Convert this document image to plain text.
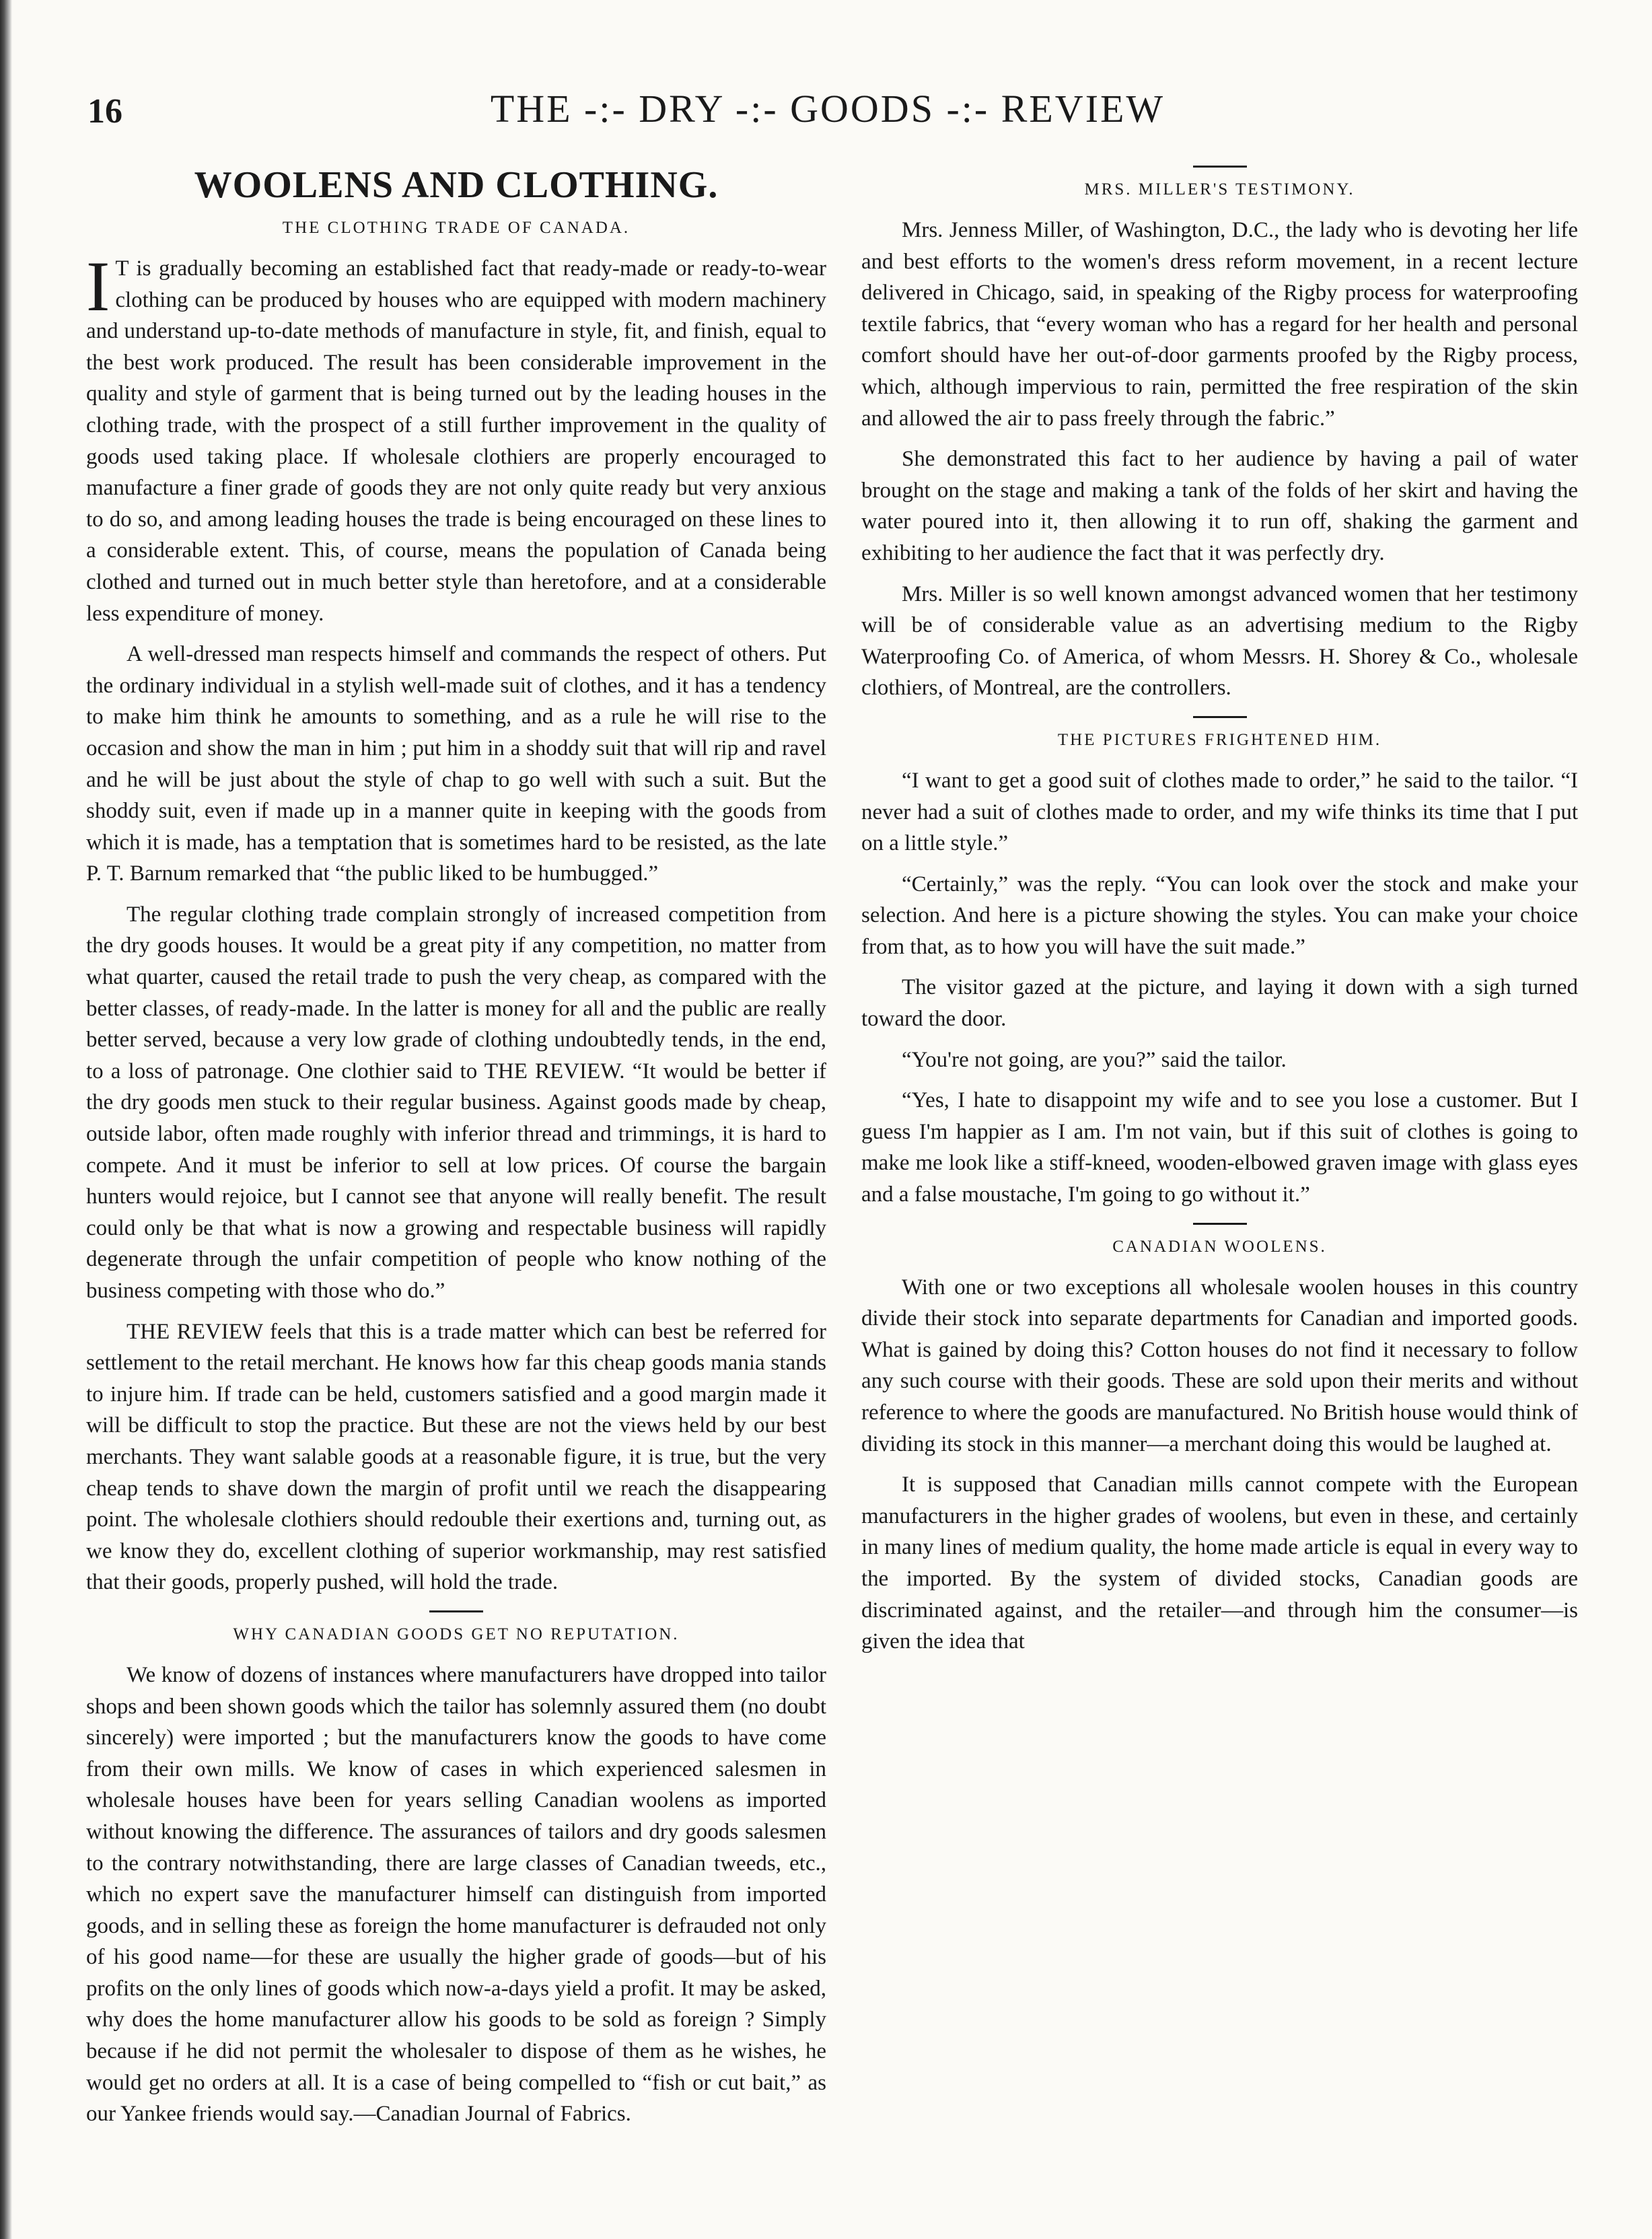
16	THE -:- DRY -:- GOODS -:- REVIEW
WOOLENS AND CLOTHING.
THE CLOTHING TRADE OF CANADA.

I T is gradually becoming an established fact that ready-made or ready-to-wear clothing can be produced by houses who are equipped with modern machinery and understand up-to-date methods of manufacture in style, fit, and finish, equal to the best work produced. The result has been considerable improvement in the quality and style of garment that is being turned out by the leading houses in the clothing trade, with the prospect of a still further improvement in the quality of goods used taking place. If wholesale clothiers are properly encouraged to manufacture a finer grade of goods they are not only quite ready but very anxious to do so, and among leading houses the trade is being encouraged on these lines to a considerable extent. This, of course, means the population of Canada being clothed and turned out in much better style than heretofore, and at a considerable less expenditure of money.

A well-dressed man respects himself and commands the respect of others. Put the ordinary individual in a stylish well-made suit of clothes, and it has a tendency to make him think he amounts to something, and as a rule he will rise to the occasion and show the man in him ; put him in a shoddy suit that will rip and ravel and he will be just about the style of chap to go well with such a suit. But the shoddy suit, even if made up in a manner quite in keeping with the goods from which it is made, has a temptation that is sometimes hard to be resisted, as the late P. T. Barnum remarked that “the public liked to be humbugged.”

The regular clothing trade complain strongly of increased competition from the dry goods houses. It would be a great pity if any competition, no matter from what quarter, caused the retail trade to push the very cheap, as compared with the better classes, of ready-made. In the latter is money for all and the public are really better served, because a very low grade of clothing undoubtedly tends, in the end, to a loss of patronage. One clothier said to THE REVIEW. “It would be better if the dry goods men stuck to their regular business. Against goods made by cheap, outside labor, often made roughly with inferior thread and trimmings, it is hard to compete. And it must be inferior to sell at low prices. Of course the bargain hunters would rejoice, but I cannot see that anyone will really benefit. The result could only be that what is now a growing and respectable business will rapidly degenerate through the unfair competition of people who know nothing of the business competing with those who do.”

THE REVIEW feels that this is a trade matter which can best be referred for settlement to the retail merchant. He knows how far this cheap goods mania stands to injure him. If trade can be held, customers satisfied and a good margin made it will be difficult to stop the practice. But these are not the views held by our best merchants. They want salable goods at a reasonable figure, it is true, but the very cheap tends to shave down the margin of profit until we reach the disappearing point. The wholesale clothiers should redouble their exertions and, turning out, as we know they do, excellent clothing of superior workmanship, may rest satisfied that their goods, properly pushed, will hold the trade.

WHY CANADIAN GOODS GET NO REPUTATION.

We know of dozens of instances where manufacturers have dropped into tailor shops and been shown goods which the tailor has solemnly assured them (no doubt sincerely) were imported ; but the manufacturers know the goods to have come from their own mills. We know of cases in which experienced salesmen in wholesale houses have been for years selling Canadian woolens as imported without knowing the difference. The assurances of tailors and dry goods salesmen to the contrary notwithstanding, there are large classes of Canadian tweeds, etc., which no expert save the manufacturer himself can distinguish from imported goods, and in selling these as foreign the home manufacturer is defrauded not only of his good name—for these are usually the higher grade of goods—but of his profits on the only lines of goods which now-a-days yield a profit. It may be asked, why does the home manufacturer allow his goods to be sold as foreign ? Simply because if he did not permit the wholesaler to dispose of them as he wishes, he would get no orders at all. It is a case of being compelled to “fish or cut bait,” as our Yankee friends would say.—Canadian Journal of Fabrics.

MRS. MILLER'S TESTIMONY.

Mrs. Jenness Miller, of Washington, D.C., the lady who is devoting her life and best efforts to the women's dress reform movement, in a recent lecture delivered in Chicago, said, in speaking of the Rigby process for waterproofing textile fabrics, that “every woman who has a regard for her health and personal comfort should have her out-of-door garments proofed by the Rigby process, which, although impervious to rain, permitted the free respiration of the skin and allowed the air to pass freely through the fabric.”

She demonstrated this fact to her audience by having a pail of water brought on the stage and making a tank of the folds of her skirt and having the water poured into it, then allowing it to run off, shaking the garment and exhibiting to her audience the fact that it was perfectly dry.

Mrs. Miller is so well known amongst advanced women that her testimony will be of considerable value as an advertising medium to the Rigby Waterproofing Co. of America, of whom Messrs. H. Shorey & Co., wholesale clothiers, of Montreal, are the controllers.

THE PICTURES FRIGHTENED HIM.

“I want to get a good suit of clothes made to order,” he said to the tailor. “I never had a suit of clothes made to order, and my wife thinks its time that I put on a little style.”

“Certainly,” was the reply. “You can look over the stock and make your selection. And here is a picture showing the styles. You can make your choice from that, as to how you will have the suit made.”

The visitor gazed at the picture, and laying it down with a sigh turned toward the door.

“You're not going, are you?” said the tailor.

“Yes, I hate to disappoint my wife and to see you lose a customer. But I guess I'm happier as I am. I'm not vain, but if this suit of clothes is going to make me look like a stiff-kneed, wooden-elbowed graven image with glass eyes and a false moustache, I'm going to go without it.”

CANADIAN WOOLENS.

With one or two exceptions all wholesale woolen houses in this country divide their stock into separate departments for Canadian and imported goods. What is gained by doing this? Cotton houses do not find it necessary to follow any such course with their goods. These are sold upon their merits and without reference to where the goods are manufactured. No British house would think of dividing its stock in this manner—a merchant doing this would be laughed at.

It is supposed that Canadian mills cannot compete with the European manufacturers in the higher grades of woolens, but even in these, and certainly in many lines of medium quality, the home made article is equal in every way to the imported. By the system of divided stocks, Canadian goods are discriminated against, and the retailer—and through him the consumer—is given the idea that
